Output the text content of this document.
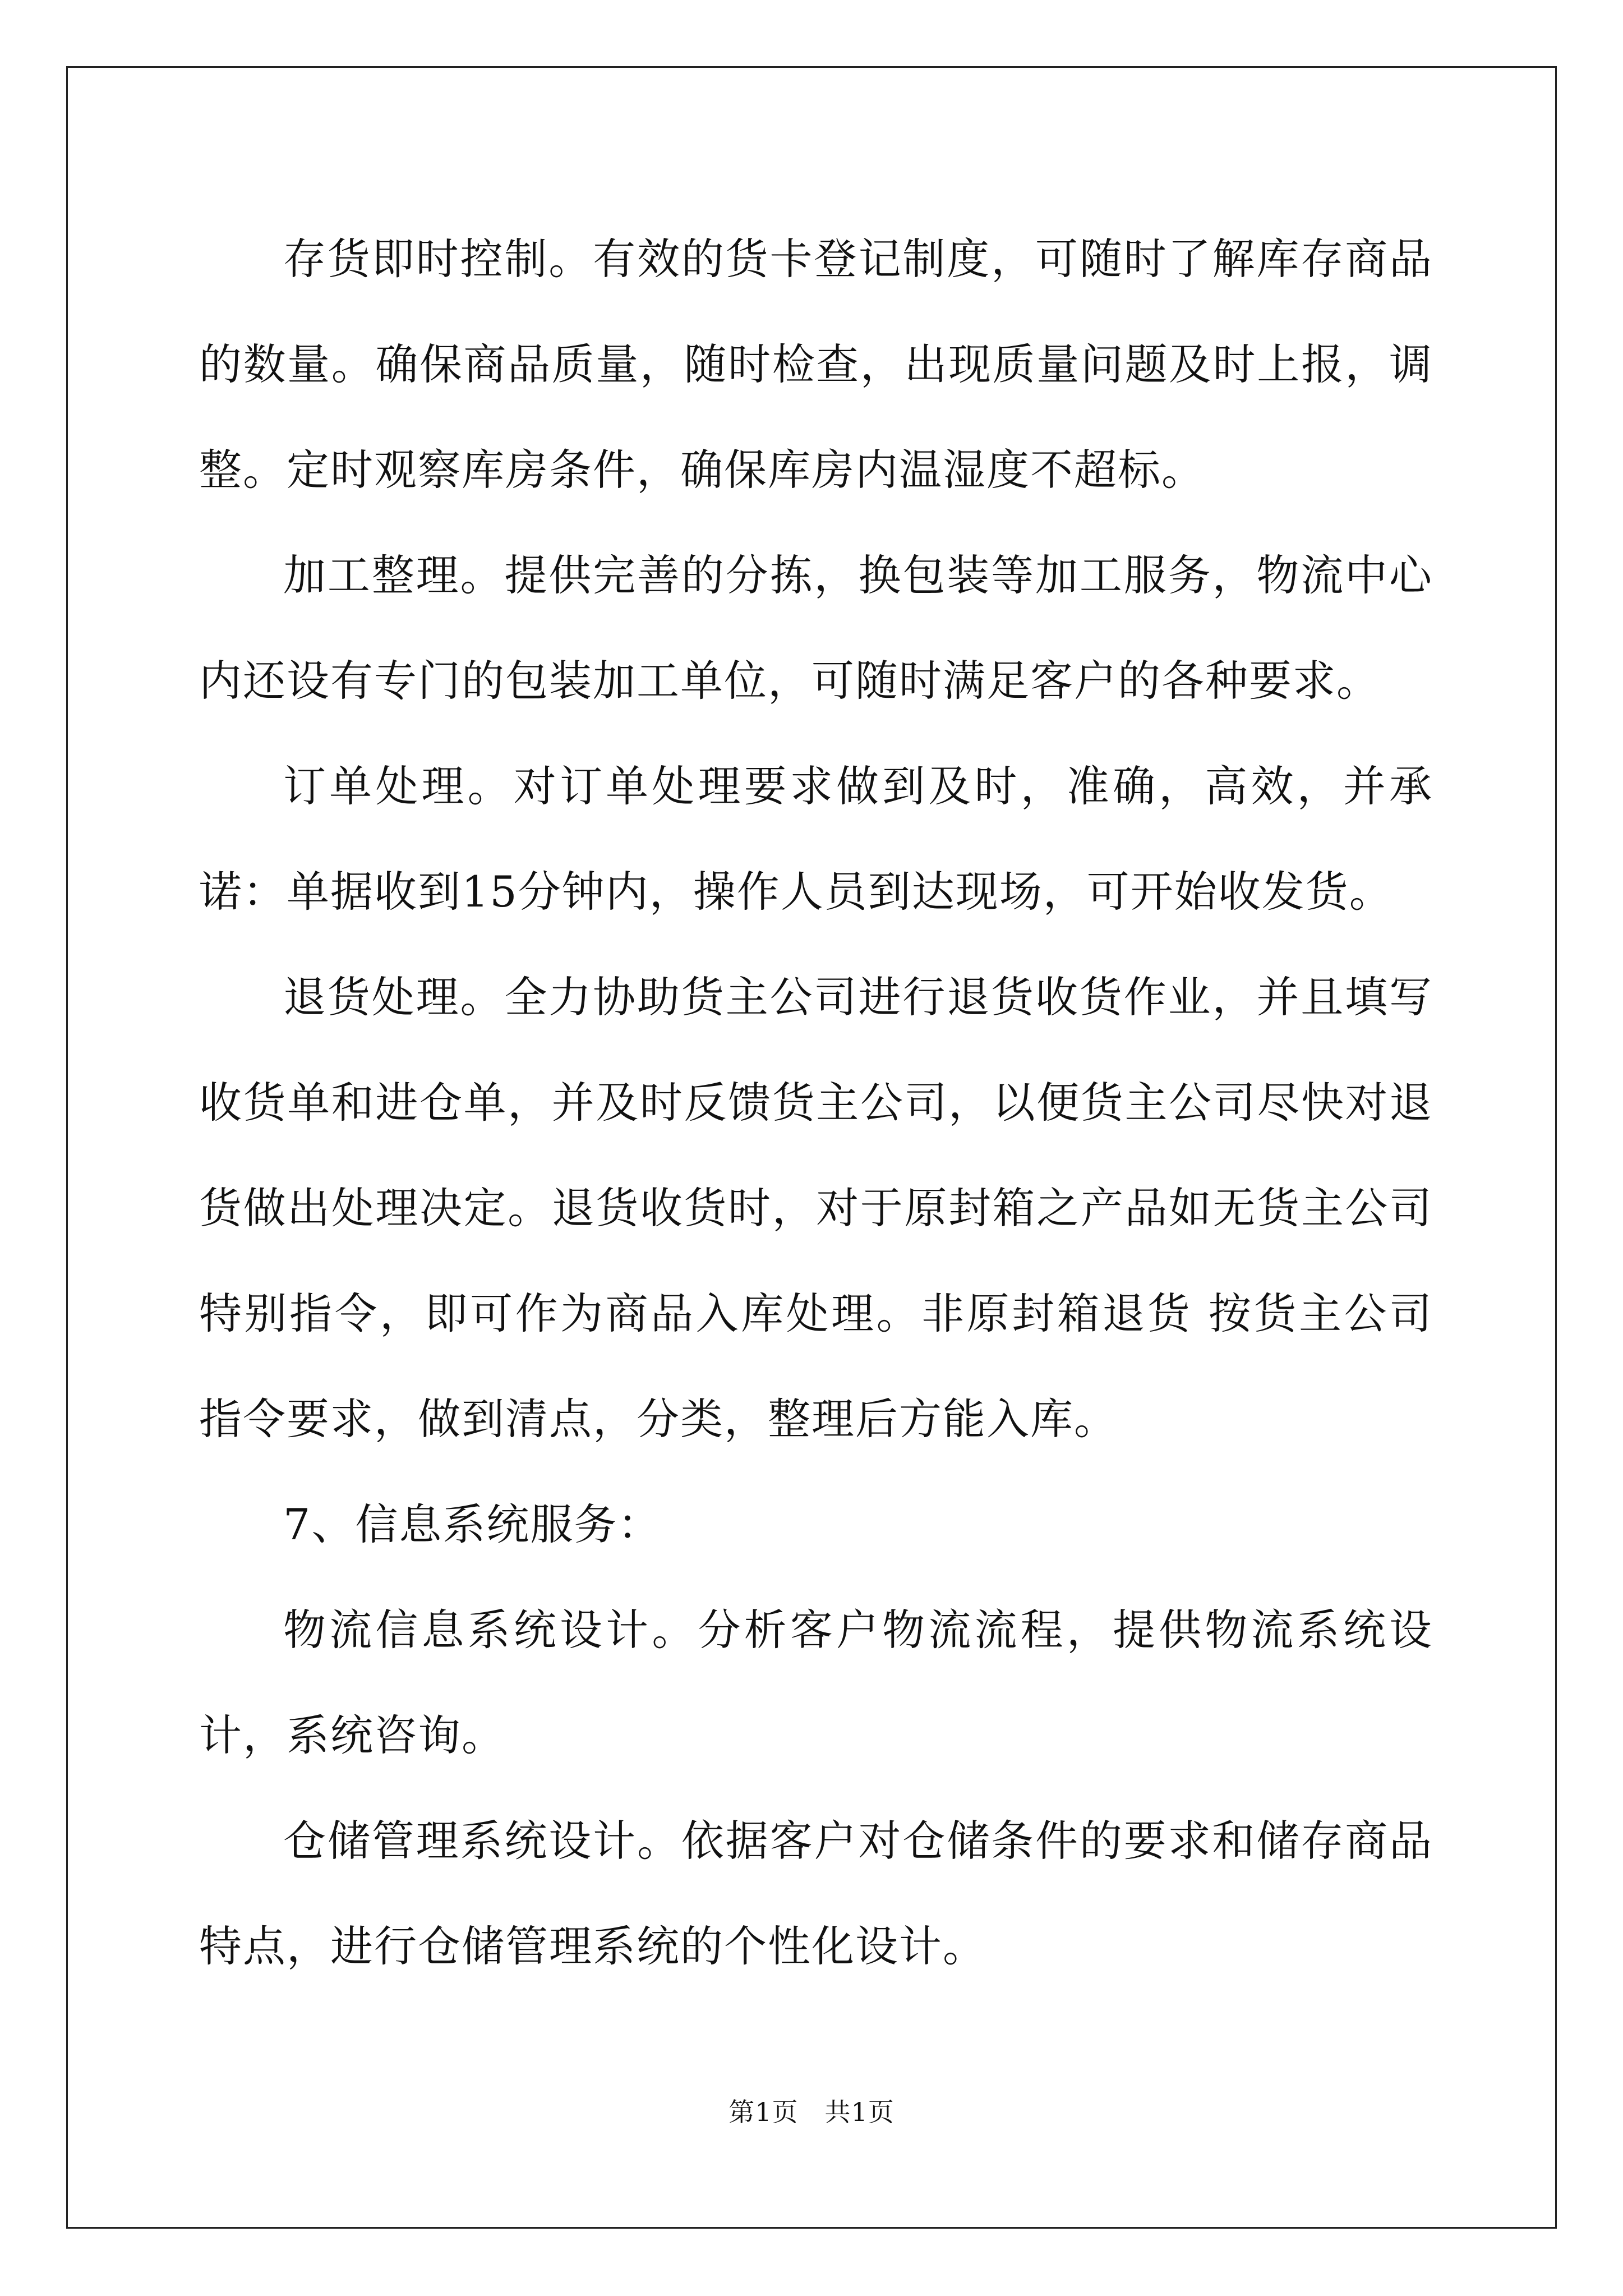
存货即时控制。有效的货卡登记制度，可随时了解库存商品的数量。确保商品质量，随时检查，出现质量问题及时上报，调整。定时观察库房条件，确保库房内温湿度不超标。

加工整理。提供完善的分拣，换包装等加工服务，物流中心内还设有专门的包装加工单位，可随时满足客户的各种要求。

订单处理。对订单处理要求做到及时，准确，高效，并承诺：单据收到15分钟内，操作人员到达现场，可开始收发货。

退货处理。全力协助货主公司进行退货收货作业，并且填写收货单和进仓单，并及时反馈货主公司，以便货主公司尽快对退货做出处理决定。退货收货时，对于原封箱之产品如无货主公司特别指令，即可作为商品入库处理。非原封箱退货 按货主公司指令要求，做到清点，分类，整理后方能入库。

7、信息系统服务：

物流信息系统设计。分析客户物流流程，提供物流系统设计，系统咨询。

仓储管理系统设计。依据客户对仓储条件的要求和储存商品特点，进行仓储管理系统的个性化设计。

第1页　共1页
